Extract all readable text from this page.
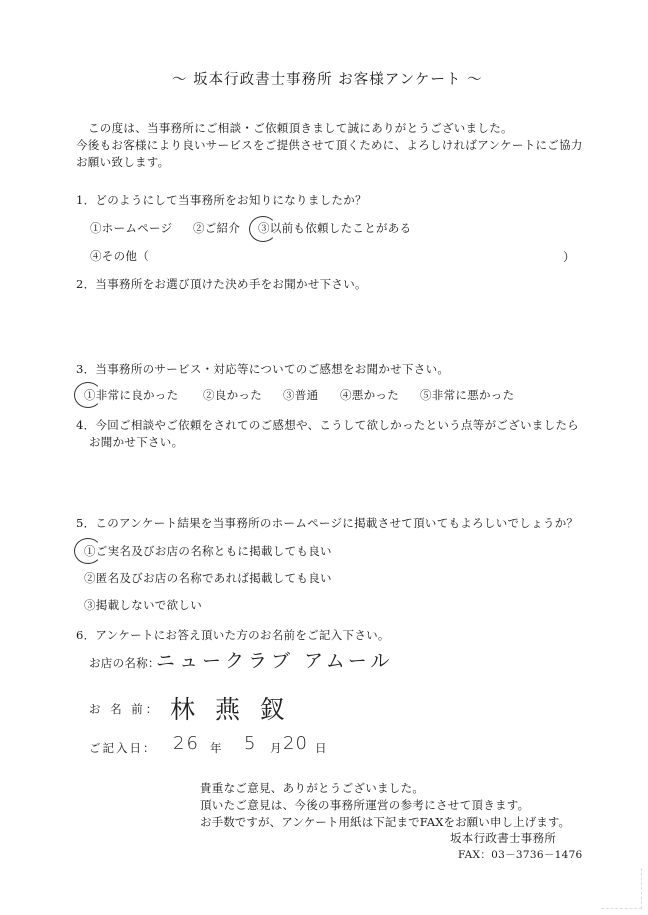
～ 坂本行政書士事務所 お客様アンケート ～
この度は、当事務所にご相談・ご依頼頂きまして誠にありがとうございました。
今後もお客様により良いサービスをご提供させて頂くために、よろしければアンケートにご協力
お願い致します。
1．どのようにして当事務所をお知りになりましたか？
①ホームページ ②ご紹介 ③以前も依頼したことがある
④その他（	）
2．当事務所をお選び頂けた決め手をお聞かせ下さい。
3．当事務所のサービス・対応等についてのご感想をお聞かせ下さい。
①非常に良かった ②良かった ③普通 ④悪かった ⑤非常に悪かった
4．今回ご相談やご依頼をされてのご感想や、こうして欲しかったという点等がございましたら
お聞かせ下さい。
5．このアンケート結果を当事務所のホームページに掲載させて頂いてもよろしいでしょうか？
①ご実名及びお店の名称ともに掲載しても良い
②匿名及びお店の名称であれば掲載しても良い
③掲載しないで欲しい
6．アンケートにお答え頂いた方のお名前をご記入下さい。
お店の名称：
ニュークラブ アムール
お 名 前： 林 燕 釵
ご記入日： 26 年 5 月 20 日
貴重なご意見、ありがとうございました。
頂いたご意見は、今後の事務所運営の参考にさせて頂きます。
お手数ですが、アンケート用紙は下記までFAXをお願い申し上げます。
坂本行政書士事務所
FAX：03－3736－1476
